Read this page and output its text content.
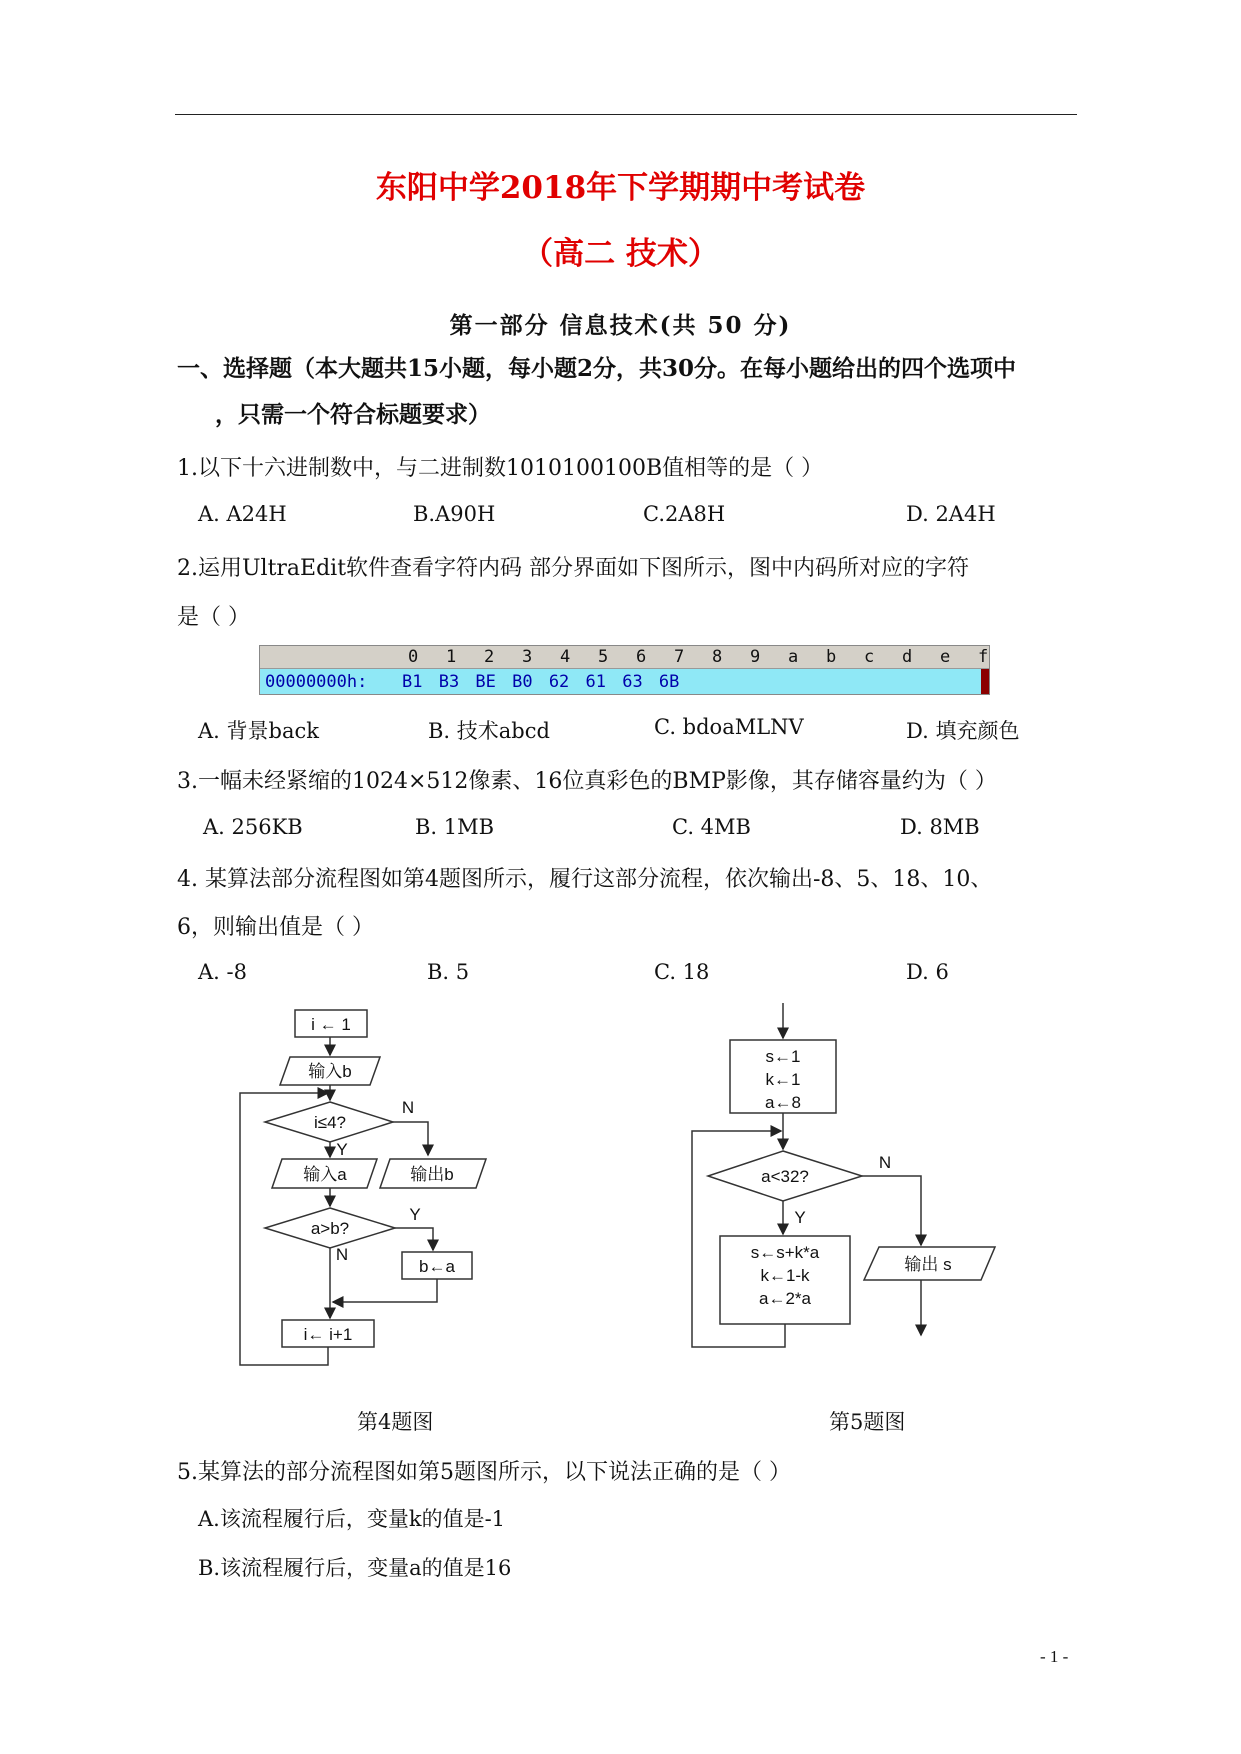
东阳中学2018年下学期期中考试卷
（高二 技术）
第一部分 信息技术(共 50 分)
一、选择题（本大题共15小题，每小题2分，共30分。在每小题给出的四个选项中
，只需一个符合标题要求）
1.以下十六进制数中，与二进制数1010100100B值相等的是（ ）
A. A24H	B.A90H	C.2A8H	D. 2A4H
2.运用UltraEdit软件查看字符内码 部分界面如下图所示，图中内码所对应的字符
是（ ）
0 1 2 3 4 5 6 7 8 9 a b c d e f
00000000h: B1 B3 BE B0 62 61 63 6B
A. 背景back	B. 技术abcd	C. bdoaMLNV	D. 填充颜色
3.一幅未经紧缩的1024×512像素、16位真彩色的BMP影像，其存储容量约为（ ）
A. 256KB	B. 1MB	C. 4MB	D. 8MB
4. 某算法部分流程图如第4题图所示，履行这部分流程，依次输出-8、5、18、10、
6，则输出值是（ ）
A. -8	B. 5	C. 18	D. 6
i ← 1
输入b
i≤4?
N
Y
输入a	输出b
a>b?
Y
N
b←a
i← i+1
s←1
k←1
a←8
a<32?
N
Y
s←s+k*a
k←1-k
a←2*a
输出 s
第4题图	第5题图
5.某算法的部分流程图如第5题图所示，以下说法正确的是（ ）
A.该流程履行后，变量k的值是-1
B.该流程履行后，变量a的值是16
- 1 -
